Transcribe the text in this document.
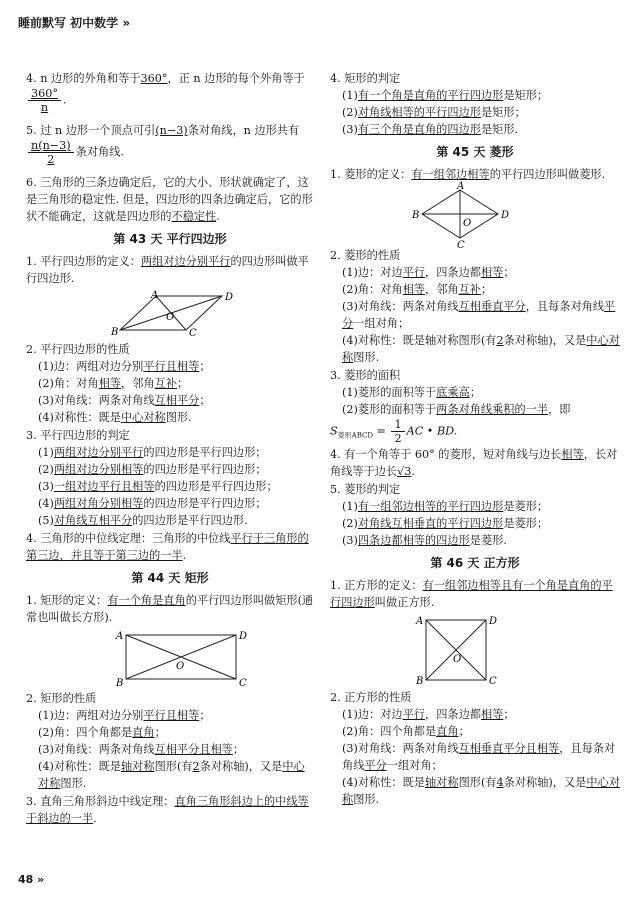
睡前默写 初中数学 »
4. n 边形的外角和等于360°，正 n 边形的每个外角等于
$\frac{360^\circ}{n}$ .
5. 过 n 边形一个顶点可引(n−3)条对角线，n 边形共有
$\frac{n(n-3)}{2}$ 条对角线.
6. 三角形的三条边确定后，它的大小、形状就确定了，这是三角形的稳定性. 但是，四边形的四条边确定后，它的形状不能确定，这就是四边形的不稳定性.
第 43 天 平行四边形
1. 平行四边形的定义：两组对边分别平行的四边形叫做平行四边形.
A	D
B	C
O
2. 平行四边形的性质
(1)边：两组对边分别平行且相等；
(2)角：对角相等，邻角互补；
(3)对角线：两条对角线互相平分；
(4)对称性：既是中心对称图形.
3. 平行四边形的判定
(1)两组对边分别平行的四边形是平行四边形；
(2)两组对边分别相等的四边形是平行四边形；
(3)一组对边平行且相等的四边形是平行四边形；
(4)两组对角分别相等的四边形是平行四边形；
(5)对角线互相平分的四边形是平行四边形.
4. 三角形的中位线定理：三角形的中位线平行于三角形的第三边，并且等于第三边的一半.
第 44 天 矩形
1. 矩形的定义：有一个角是直角的平行四边形叫做矩形(通常也叫做长方形).
A	D
B	C
O
2. 矩形的性质
(1)边：两组对边分别平行且相等；
(2)角：四个角都是直角；
(3)对角线：两条对角线互相平分且相等；
(4)对称性：既是轴对称图形(有2条对称轴)，又是中心对称图形.
3. 直角三角形斜边中线定理：直角三角形斜边上的中线等于斜边的一半.
4. 矩形的判定
(1)有一个角是直角的平行四边形是矩形；
(2)对角线相等的平行四边形是矩形；
(3)有三个角是直角的四边形是矩形.
第 45 天 菱形
1. 菱形的定义：有一组邻边相等的平行四边形叫做菱形.
A
B	D
C
O
2. 菱形的性质
(1)边：对边平行，四条边都相等；
(2)角：对角相等，邻角互补；
(3)对角线：两条对角线互相垂直平分，且每条对角线平分一组对角；
(4)对称性：既是轴对称图形(有2条对称轴)，又是中心对称图形.
3. 菱形的面积
(1)菱形的面积等于底乘高；
(2)菱形的面积等于两条对角线乘积的一半，即
$S_{菱形ABCD} = \frac{1}{2}$ AC • BD.
4. 有一个角等于 60° 的菱形，短对角线与边长相等，长对角线等于边长√3.
5. 菱形的判定
(1)有一组邻边相等的平行四边形是菱形；
(2)对角线互相垂直的平行四边形是菱形；
(3)四条边都相等的四边形是菱形.
第 46 天 正方形
1. 正方形的定义：有一组邻边相等且有一个角是直角的平行四边形叫做正方形.
A	D
B	C
O
2. 正方形的性质
(1)边：对边平行，四条边都相等；
(2)角：四个角都是直角；
(3)对角线：两条对角线互相垂直平分且相等，且每条对角线平分一组对角；
(4)对称性：既是轴对称图形(有4条对称轴)，又是中心对称图形.
48 »
